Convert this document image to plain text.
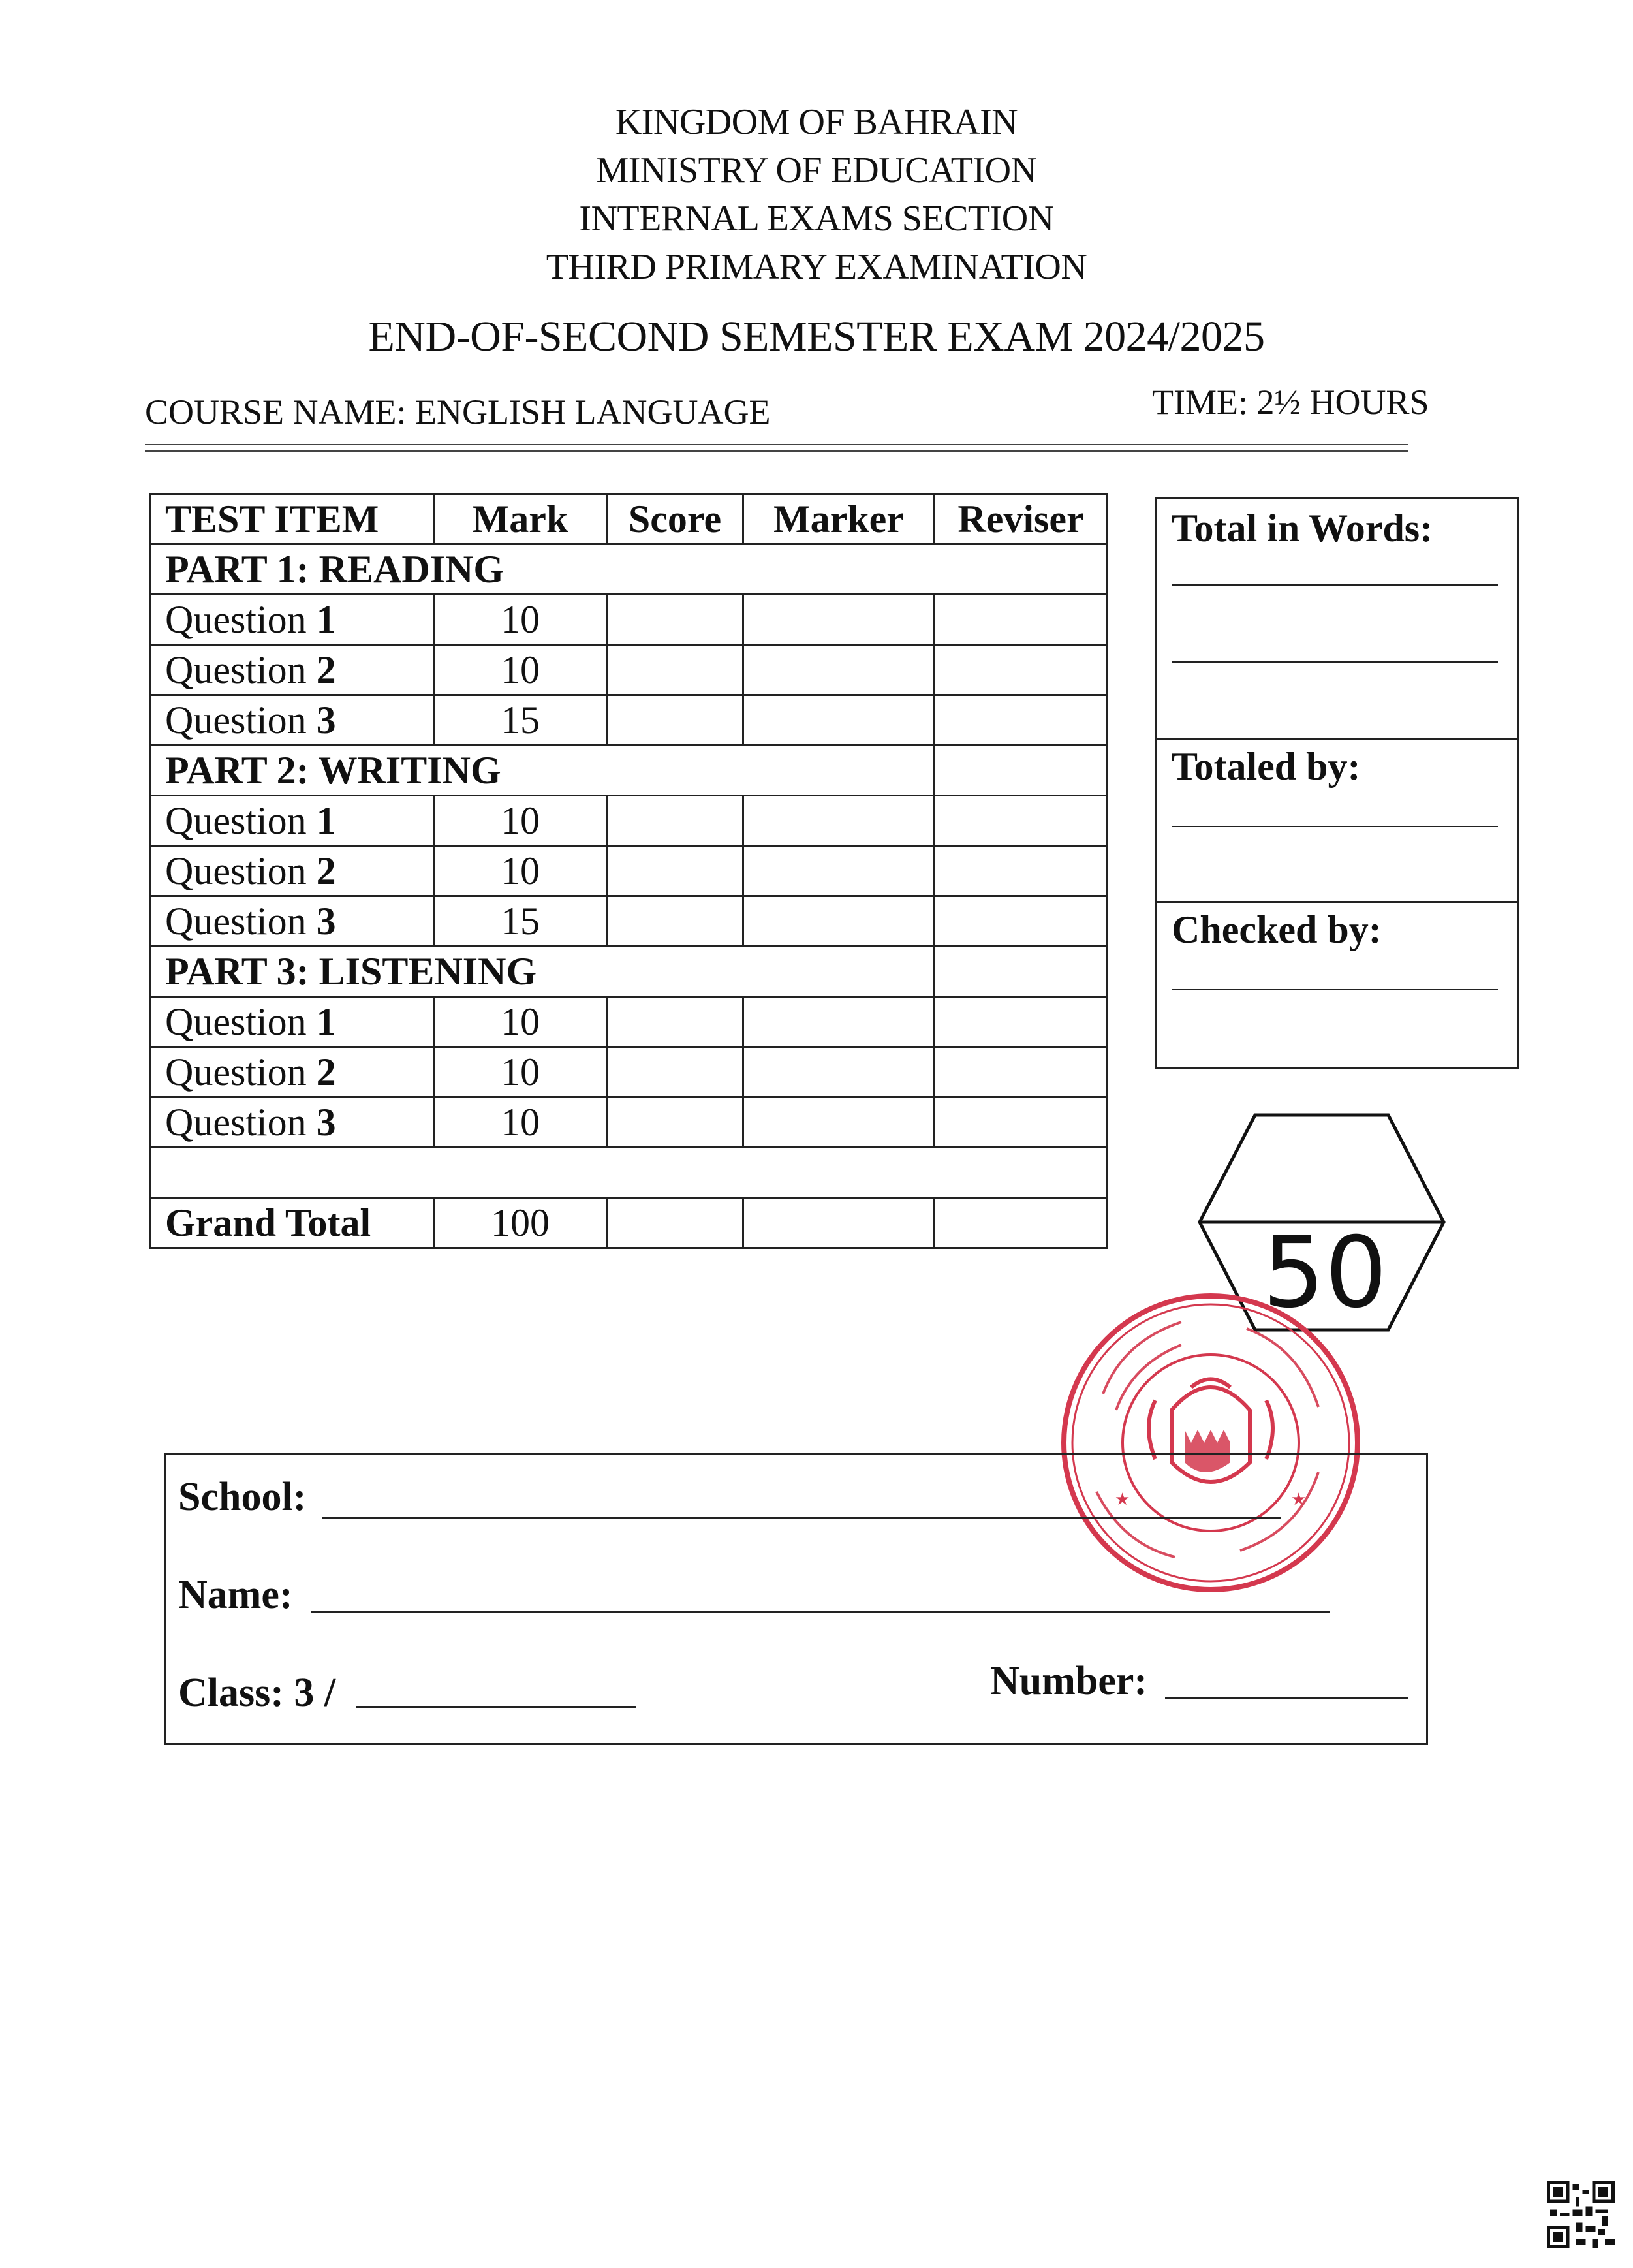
KINGDOM OF BAHRAIN
MINISTRY OF EDUCATION
INTERNAL EXAMS SECTION
THIRD PRIMARY EXAMINATION
END-OF-SECOND SEMESTER EXAM 2024/2025
COURSE NAME: ENGLISH LANGUAGE	TIME: 2½ HOURS
TEST ITEM	Mark	Score	Marker	Reviser
PART 1: READING				
Question 1	10			
Question 2	10			
Question 3	15			
PART 2: WRITING				
Question 1	10			
Question 2	10			
Question 3	15			
PART 3: LISTENING				
Question 1	10			
Question 2	10			
Question 3	10			

Grand Total	100			
Total in Words:
Totaled by:
Checked by:
50
★	★
School:
Name:
Class: 3 /	Number:
